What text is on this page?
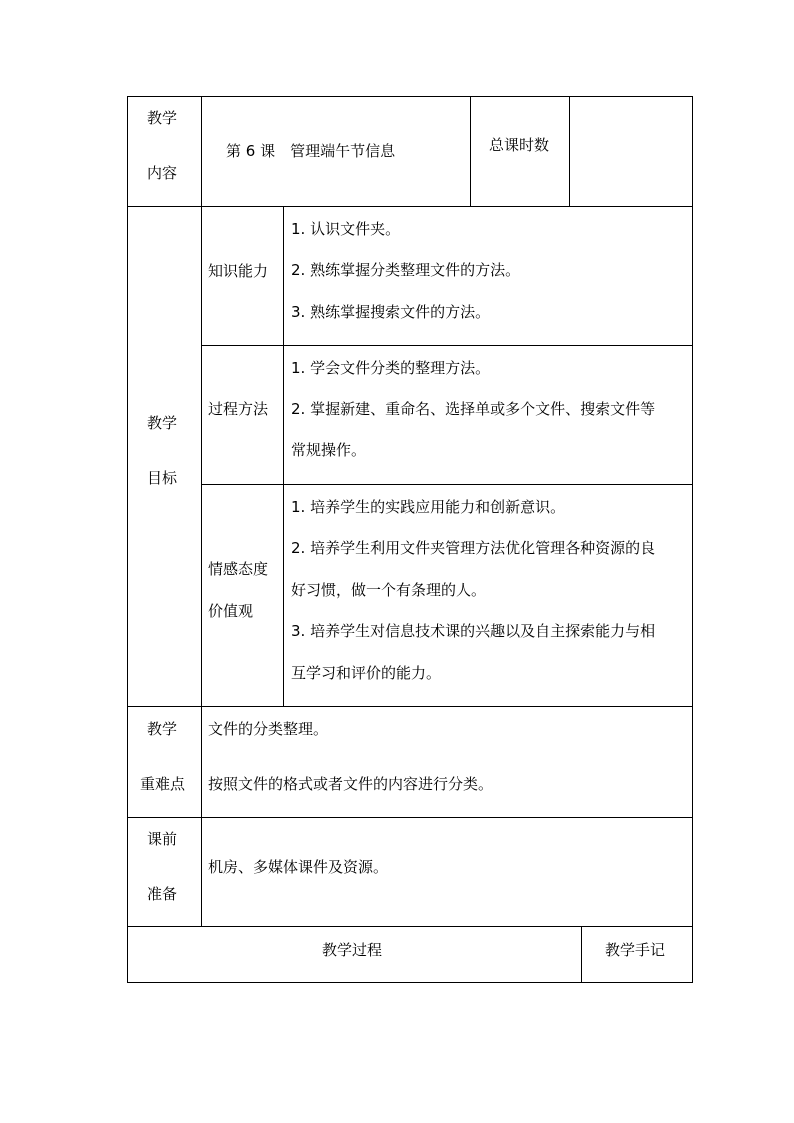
教学
内容
第 6 课　管理端午节信息	总课时数
教学
目标
知识能力
1. 认识文件夹。
2. 熟练掌握分类整理文件的方法。
3. 熟练掌握搜索文件的方法。
过程方法
1. 学会文件分类的整理方法。
2. 掌握新建、重命名、选择单或多个文件、搜索文件等
常规操作。
情感态度
价值观
1. 培养学生的实践应用能力和创新意识。
2. 培养学生利用文件夹管理方法优化管理各种资源的良
好习惯，做一个有条理的人。
3. 培养学生对信息技术课的兴趣以及自主探索能力与相
互学习和评价的能力。
教学
重难点
文件的分类整理。
按照文件的格式或者文件的内容进行分类。
课前
准备
机房、多媒体课件及资源。
教学过程	教学手记
